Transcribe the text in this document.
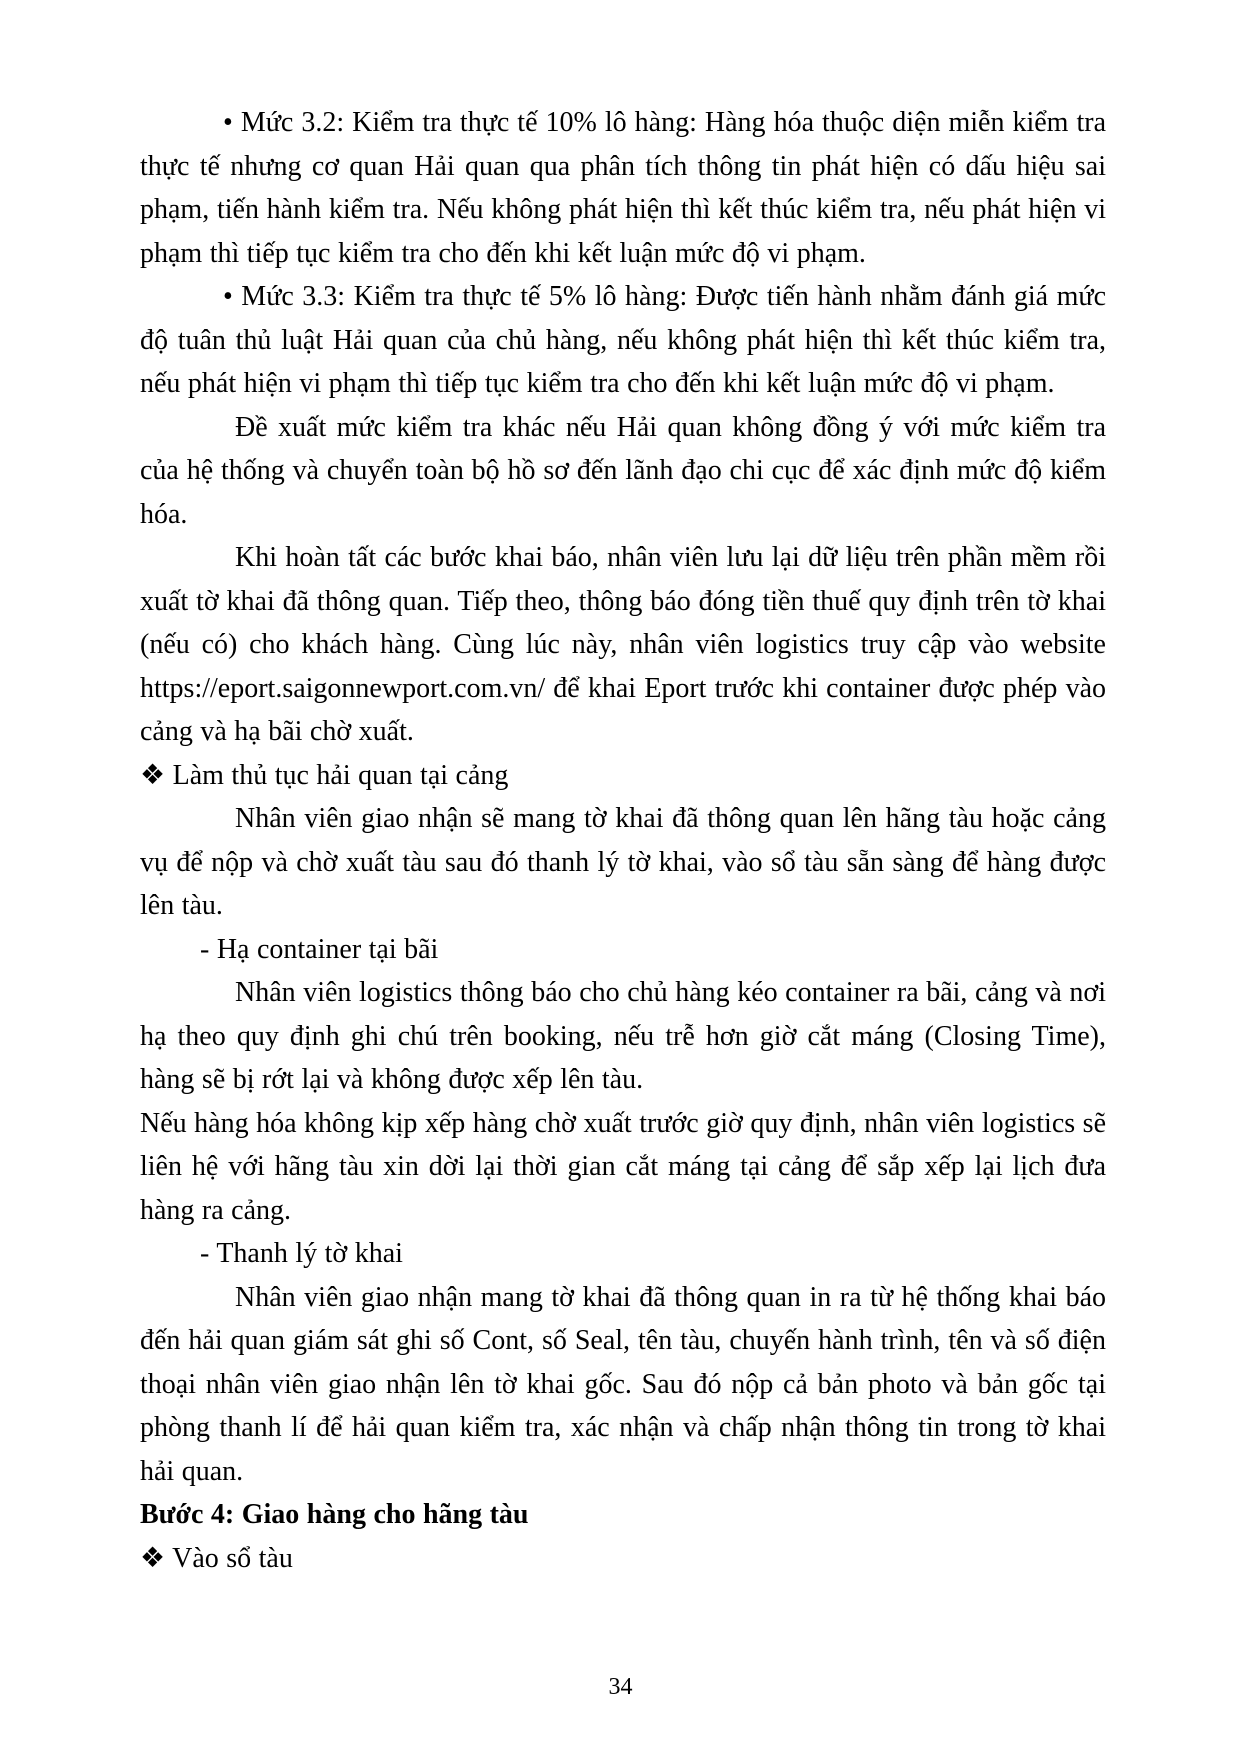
• Mức 3.2: Kiểm tra thực tế 10% lô hàng: Hàng hóa thuộc diện miễn kiểm tra thực tế nhưng cơ quan Hải quan qua phân tích thông tin phát hiện có dấu hiệu sai phạm, tiến hành kiểm tra. Nếu không phát hiện thì kết thúc kiểm tra, nếu phát hiện vi phạm thì tiếp tục kiểm tra cho đến khi kết luận mức độ vi phạm.

• Mức 3.3: Kiểm tra thực tế 5% lô hàng: Được tiến hành nhằm đánh giá mức độ tuân thủ luật Hải quan của chủ hàng, nếu không phát hiện thì kết thúc kiểm tra, nếu phát hiện vi phạm thì tiếp tục kiểm tra cho đến khi kết luận mức độ vi phạm.

Đề xuất mức kiểm tra khác nếu Hải quan không đồng ý với mức kiểm tra của hệ thống và chuyển toàn bộ hồ sơ đến lãnh đạo chi cục để xác định mức độ kiểm hóa.

Khi hoàn tất các bước khai báo, nhân viên lưu lại dữ liệu trên phần mềm rồi xuất tờ khai đã thông quan. Tiếp theo, thông báo đóng tiền thuế quy định trên tờ khai (nếu có) cho khách hàng. Cùng lúc này, nhân viên logistics truy cập vào website https://eport.saigonnewport.com.vn/ để khai Eport trước khi container được phép vào cảng và hạ bãi chờ xuất.

❖ Làm thủ tục hải quan tại cảng

Nhân viên giao nhận sẽ mang tờ khai đã thông quan lên hãng tàu hoặc cảng vụ để nộp và chờ xuất tàu sau đó thanh lý tờ khai, vào sổ tàu sẵn sàng để hàng được lên tàu.

- Hạ container tại bãi

Nhân viên logistics thông báo cho chủ hàng kéo container ra bãi, cảng và nơi hạ theo quy định ghi chú trên booking, nếu trễ hơn giờ cắt máng (Closing Time), hàng sẽ bị rớt lại và không được xếp lên tàu.

Nếu hàng hóa không kịp xếp hàng chờ xuất trước giờ quy định, nhân viên logistics sẽ liên hệ với hãng tàu xin dời lại thời gian cắt máng tại cảng để sắp xếp lại lịch đưa hàng ra cảng.

- Thanh lý tờ khai

Nhân viên giao nhận mang tờ khai đã thông quan in ra từ hệ thống khai báo đến hải quan giám sát ghi số Cont, số Seal, tên tàu, chuyến hành trình, tên và số điện thoại nhân viên giao nhận lên tờ khai gốc. Sau đó nộp cả bản photo và bản gốc tại phòng thanh lí để hải quan kiểm tra, xác nhận và chấp nhận thông tin trong tờ khai hải quan.

Bước 4: Giao hàng cho hãng tàu

❖ Vào sổ tàu

34
